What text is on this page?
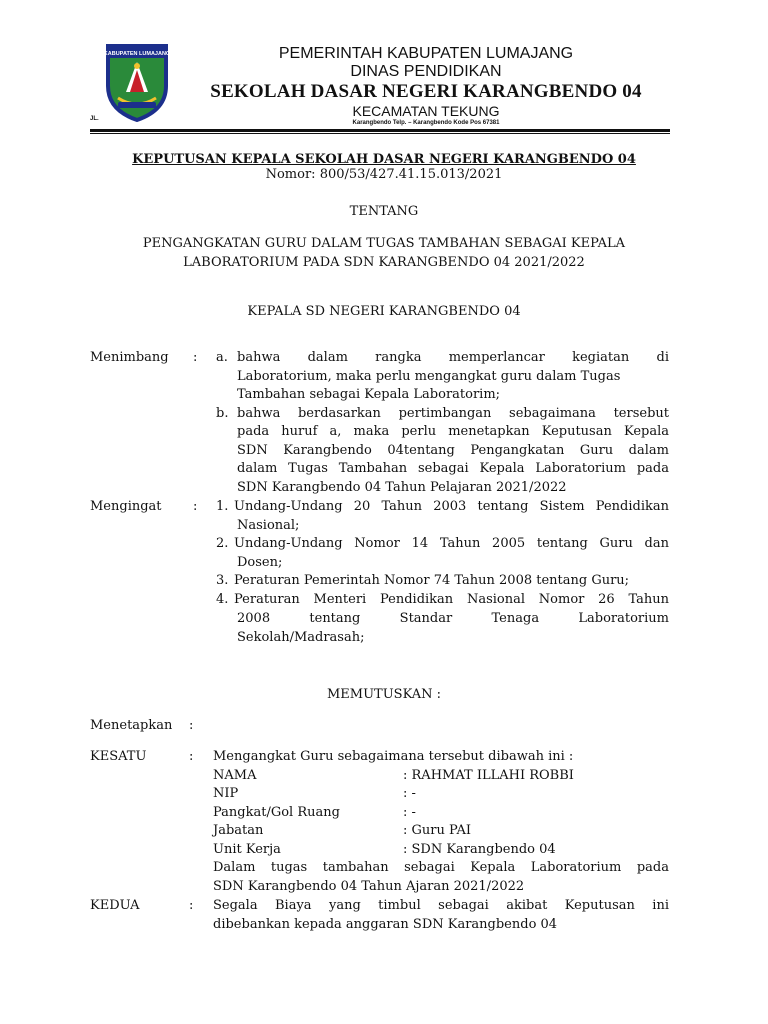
KABUPATEN LUMAJANG
JL.
PEMERINTAH KABUPATEN LUMAJANG
DINAS PENDIDIKAN
SEKOLAH DASAR NEGERI KARANGBENDO 04
KECAMATAN TEKUNG
Karangbendo Telp. – Karangbendo Kode Pos 67381
KEPUTUSAN KEPALA SEKOLAH DASAR NEGERI KARANGBENDO 04
Nomor: 800/53/427.41.15.013/2021
TENTANG
PENGANGKATAN GURU DALAM TUGAS TAMBAHAN SEBAGAI KEPALA
LABORATORIUM PADA SDN KARANGBENDO 04 2021/2022
KEPALA SD NEGERI KARANGBENDO 04
Menimbang : a. bahwa dalam rangka memperlancar kegiatan di
Laboratorium, maka perlu mengangkat guru dalam Tugas
Tambahan sebagai Kepala Laboratorim;
b. bahwa berdasarkan pertimbangan sebagaimana tersebut
pada huruf a, maka perlu menetapkan Keputusan Kepala
SDN Karangbendo 04tentang Pengangkatan Guru dalam
dalam Tugas Tambahan sebagai Kepala Laboratorium pada
SDN Karangbendo 04 Tahun Pelajaran 2021/2022
Mengingat : 1. Undang-Undang 20 Tahun 2003 tentang Sistem Pendidikan
Nasional;
2. Undang-Undang Nomor 14 Tahun 2005 tentang Guru dan
Dosen;
3. Peraturan Pemerintah Nomor 74 Tahun 2008 tentang Guru;
4. Peraturan Menteri Pendidikan Nasional Nomor 26 Tahun
2008 tentang Standar Tenaga Laboratorium
Sekolah/Madrasah;
MEMUTUSKAN :
Menetapkan :
KESATU	: Mengangkat Guru sebagaimana tersebut dibawah ini :
NAMA	: RAHMAT ILLAHI ROBBI
NIP	: -
Pangkat/Gol Ruang	: -
Jabatan	: Guru PAI
Unit Kerja	: SDN Karangbendo 04
Dalam tugas tambahan sebagai Kepala Laboratorium pada
SDN Karangbendo 04 Tahun Ajaran 2021/2022
KEDUA	: Segala Biaya yang timbul sebagai akibat Keputusan ini
dibebankan kepada anggaran SDN Karangbendo 04
